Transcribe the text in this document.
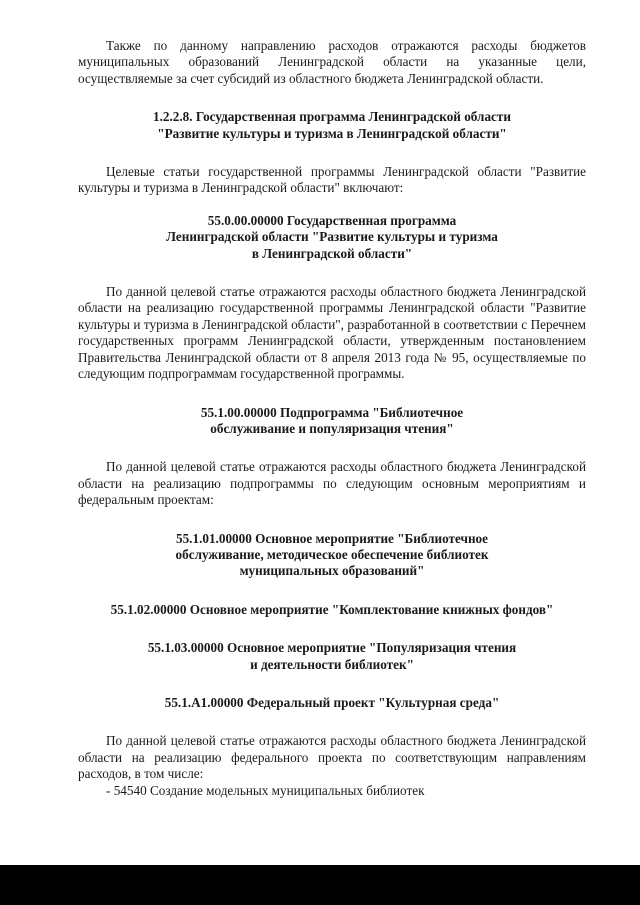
Также по данному направлению расходов отражаются расходы бюджетов муниципальных образований Ленинградской области на указанные цели, осуществляемые за счет субсидий из областного бюджета Ленинградской области.

1.2.2.8. Государственная программа Ленинградской области
"Развитие культуры и туризма в Ленинградской области"

Целевые статьи государственной программы Ленинградской области "Развитие культуры и туризма в Ленинградской области" включают:

55.0.00.00000 Государственная программа
Ленинградской области "Развитие культуры и туризма
в Ленинградской области"

По данной целевой статье отражаются расходы областного бюджета Ленинградской области на реализацию государственной программы Ленинградской области "Развитие культуры и туризма в Ленинградской области", разработанной в соответствии с Перечнем государственных программ Ленинградской области, утвержденным постановлением Правительства Ленинградской области от 8 апреля 2013 года № 95, осуществляемые по следующим подпрограммам государственной программы.

55.1.00.00000 Подпрограмма "Библиотечное
обслуживание и популяризация чтения"

По данной целевой статье отражаются расходы областного бюджета Ленинградской области на реализацию подпрограммы по следующим основным мероприятиям и федеральным проектам:

55.1.01.00000 Основное мероприятие "Библиотечное
обслуживание, методическое обеспечение библиотек
муниципальных образований"
55.1.02.00000 Основное мероприятие "Комплектование книжных фондов"
55.1.03.00000 Основное мероприятие "Популяризация чтения
и деятельности библиотек"
55.1.А1.00000 Федеральный проект "Культурная среда"

По данной целевой статье отражаются расходы областного бюджета Ленинградской области на реализацию федерального проекта по соответствующим направлениям расходов, в том числе:

- 54540 Создание модельных муниципальных библиотек
